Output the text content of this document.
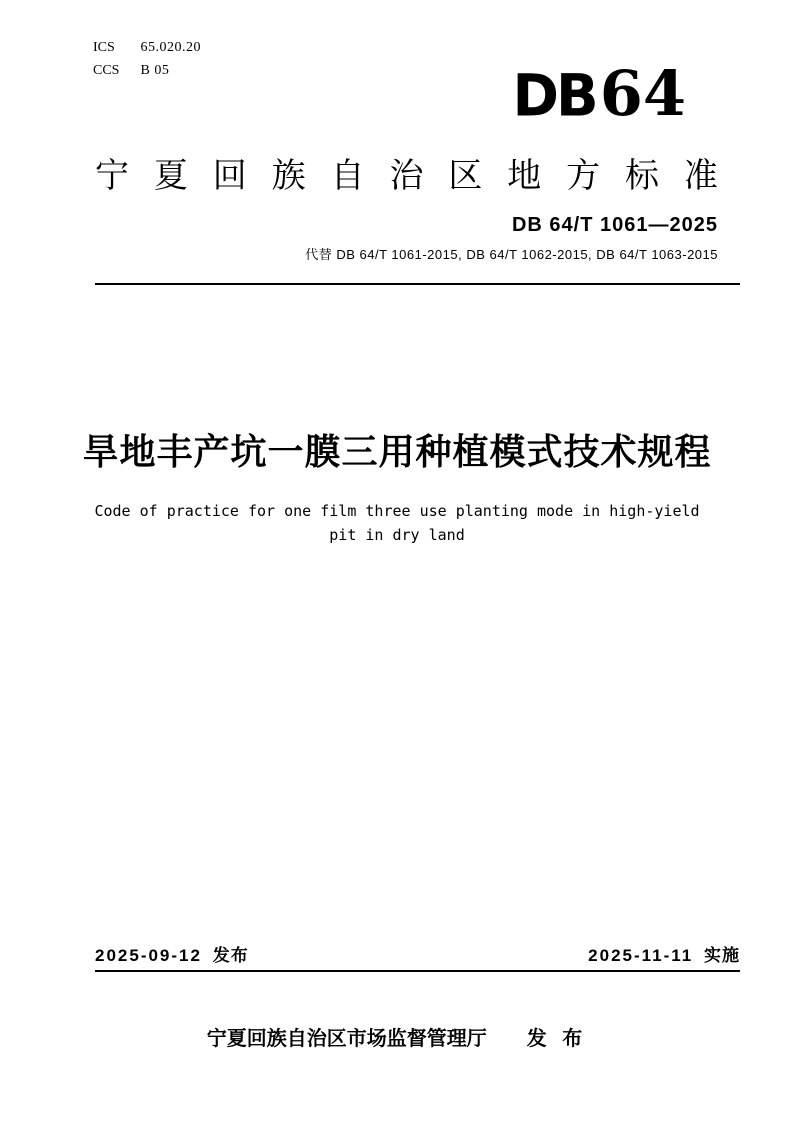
ICS 65.020.20
CCS B 05	DB64
宁 夏 回 族 自 治 区 地 方 标 准
DB 64/T 1061—2025
代替 DB 64/T 1061-2015, DB 64/T 1062-2015, DB 64/T 1063-2015
旱地丰产坑一膜三用种植模式技术规程
Code of practice for one film three use planting mode in high-yield pit in dry land
2025-09-12 发布	2025-11-11 实施
宁夏回族自治区市场监督管理厅 发 布
